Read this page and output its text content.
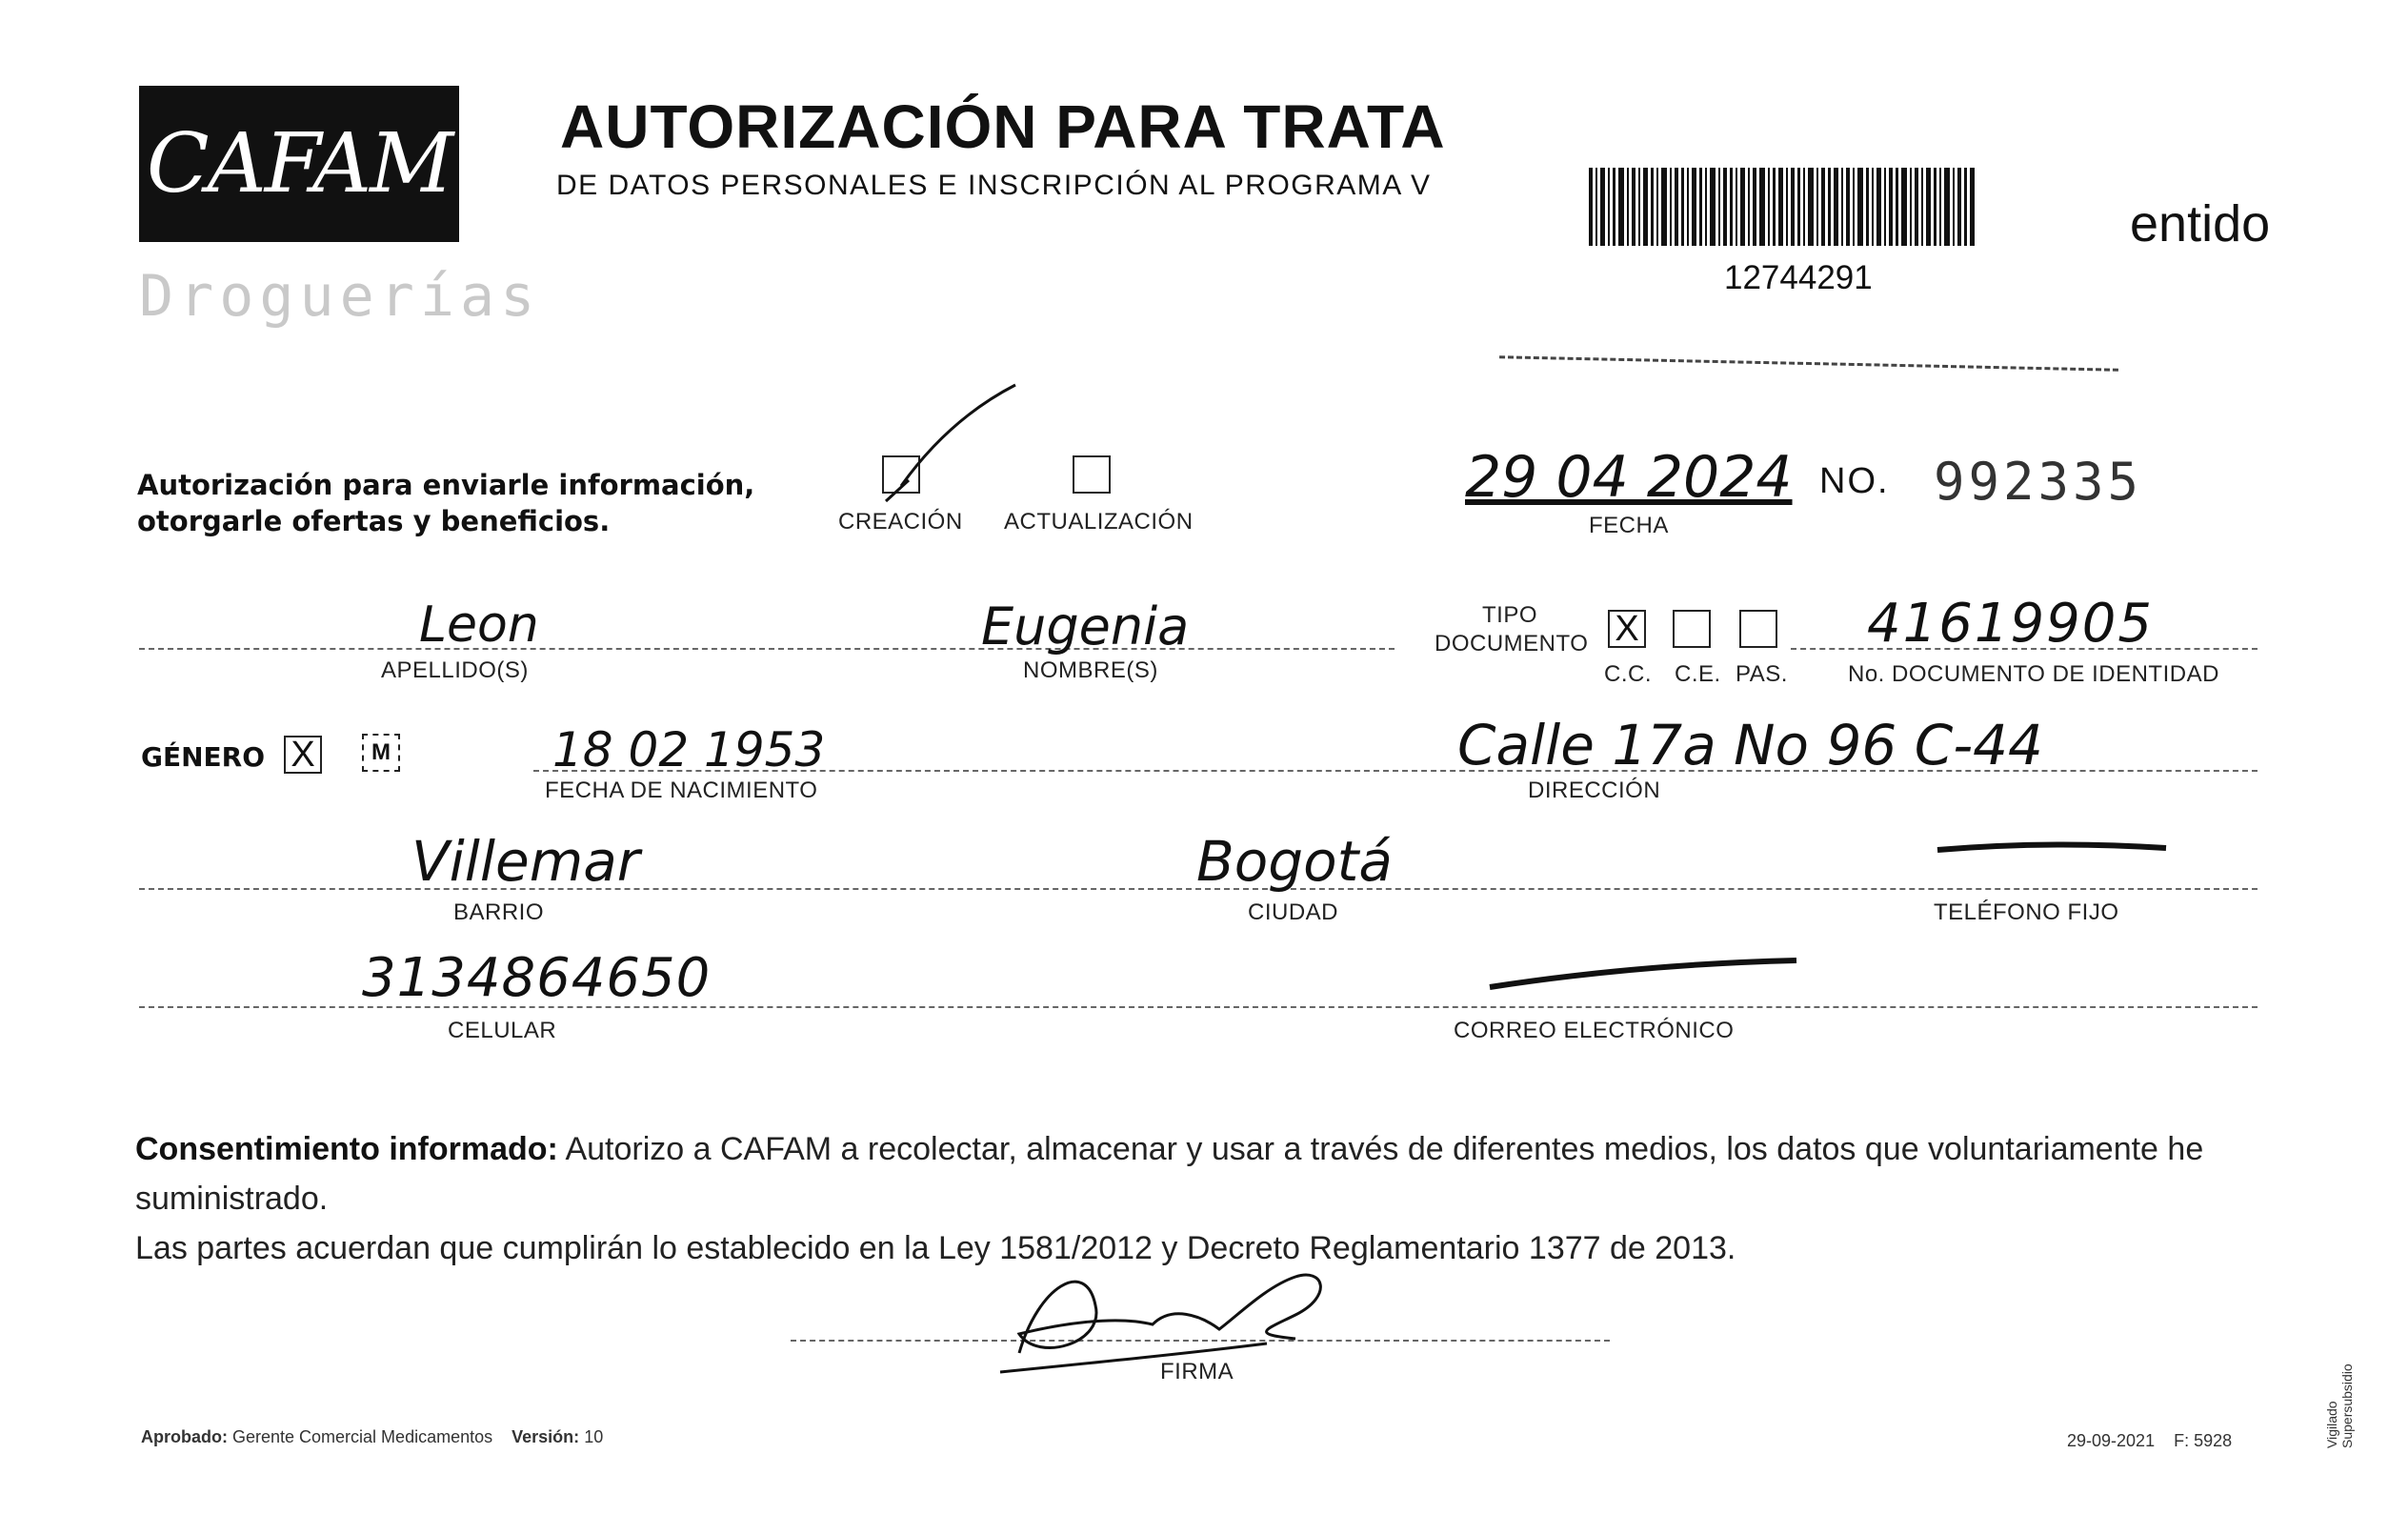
CAFAM
Droguerías
AUTORIZACIÓN PARA TRATA
DE DATOS PERSONALES E INSCRIPCIÓN AL PROGRAMA V
12744291
entido
Autorización para enviarle información,
otorgarle ofertas y beneficios.	CREACIÓN ACTUALIZACIÓN
29 04 2024
FECHA
NO. 992335
Leon
APELLIDO(S)
Eugenia
NOMBRE(S)
TIPO
DOCUMENTO X
C.C. C.E. PAS.
41619905
No. DOCUMENTO DE IDENTIDAD
GÉNERO X	M	18 02 1953
FECHA DE NACIMIENTO
Calle 17a No 96 C-44
DIRECCIÓN
Villemar
BARRIO
Bogotá
CIUDAD	TELÉFONO FIJO
3134864650
CELULAR	CORREO ELECTRÓNICO
Consentimiento informado: Autorizo a CAFAM a recolectar, almacenar y usar a través de diferentes medios, los datos que voluntariamente he suministrado.
Las partes acuerdan que cumplirán lo establecido en la Ley 1581/2012 y Decreto Reglamentario 1377 de 2013.
FIRMA
Aprobado: Gerente Comercial Medicamentos Versión: 10	29-09-2021 F: 5928	Vigilado Supersubsidio
